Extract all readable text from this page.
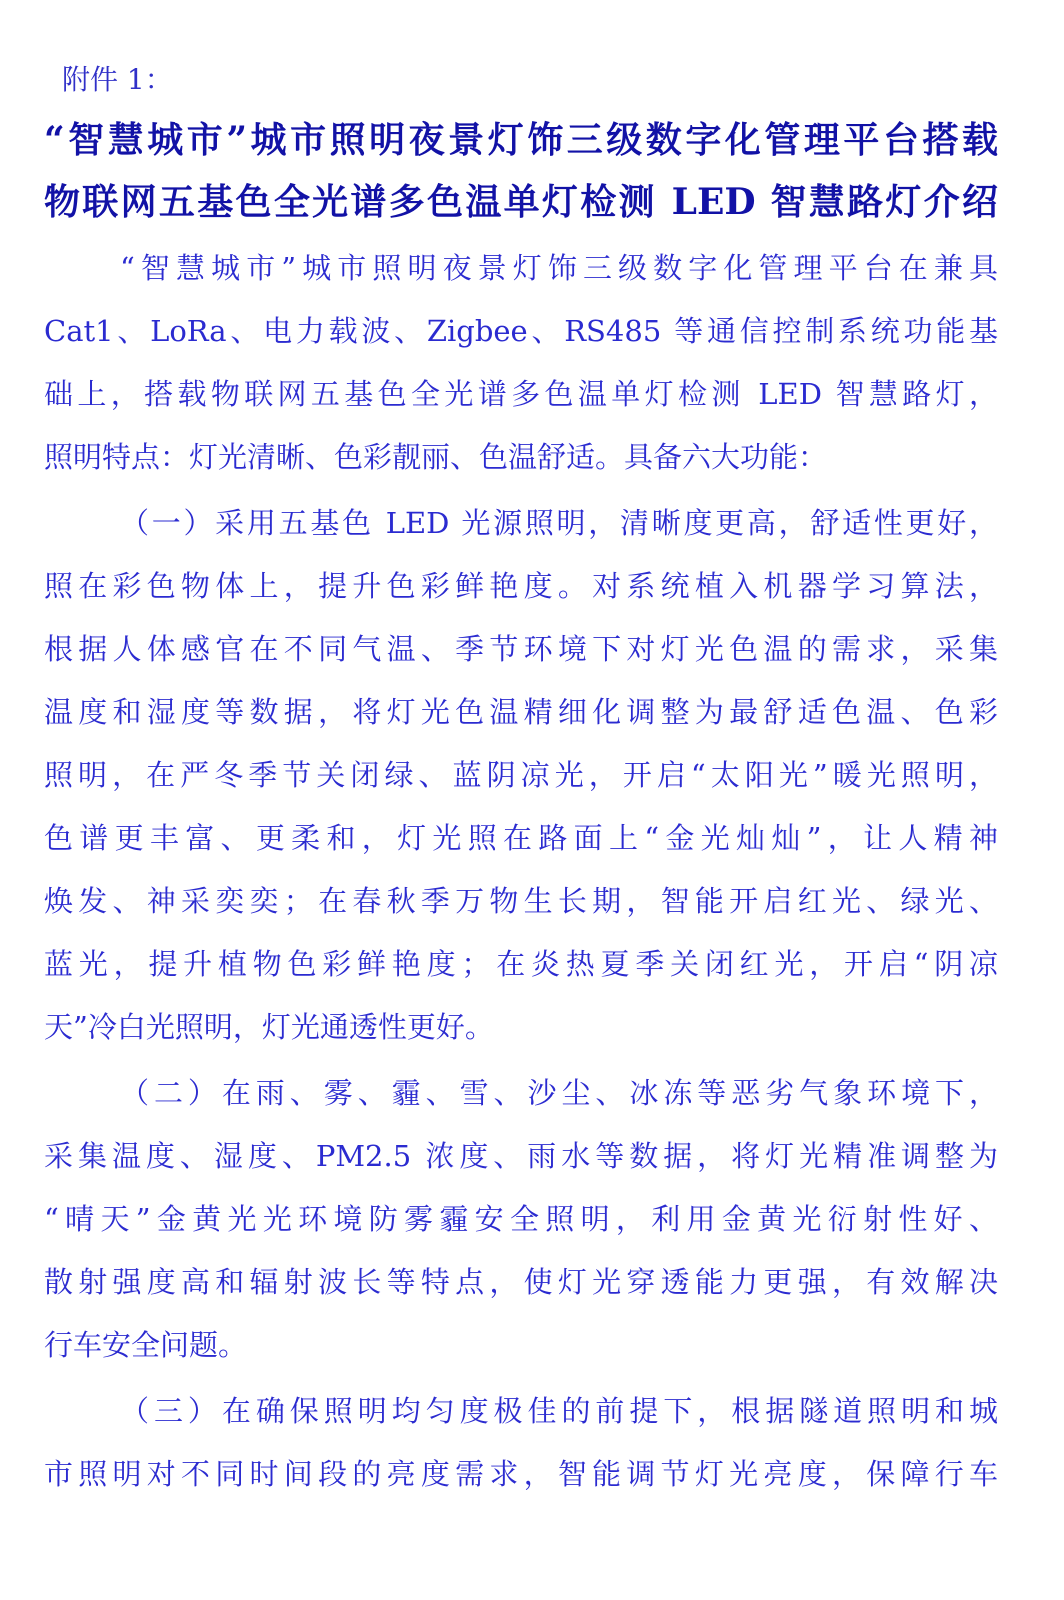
附件 1：
“智慧城市”城市照明夜景灯饰三级数字化管理平台搭载
物联网五基色全光谱多色温单灯检测 LED 智慧路灯介绍
“智慧城市”城市照明夜景灯饰三级数字化管理平台在兼具
Cat1、LoRa、电力载波、Zigbee、RS485 等通信控制系统功能基
础上，搭载物联网五基色全光谱多色温单灯检测 LED 智慧路灯，
照明特点：灯光清晰、色彩靓丽、色温舒适。具备六大功能：
（一）采用五基色 LED 光源照明，清晰度更高，舒适性更好，
照在彩色物体上，提升色彩鲜艳度。对系统植入机器学习算法，
根据人体感官在不同气温、季节环境下对灯光色温的需求，采集
温度和湿度等数据，将灯光色温精细化调整为最舒适色温、色彩
照明，在严冬季节关闭绿、蓝阴凉光，开启“太阳光”暖光照明，
色谱更丰富、更柔和，灯光照在路面上“金光灿灿”，让人精神
焕发、神采奕奕；在春秋季万物生长期，智能开启红光、绿光、
蓝光，提升植物色彩鲜艳度；在炎热夏季关闭红光，开启“阴凉
天”冷白光照明，灯光通透性更好。
（二）在雨、雾、霾、雪、沙尘、冰冻等恶劣气象环境下，
采集温度、湿度、PM2.5 浓度、雨水等数据，将灯光精准调整为
“晴天”金黄光光环境防雾霾安全照明，利用金黄光衍射性好、
散射强度高和辐射波长等特点，使灯光穿透能力更强，有效解决
行车安全问题。
（三）在确保照明均匀度极佳的前提下，根据隧道照明和城
市照明对不同时间段的亮度需求，智能调节灯光亮度，保障行车
